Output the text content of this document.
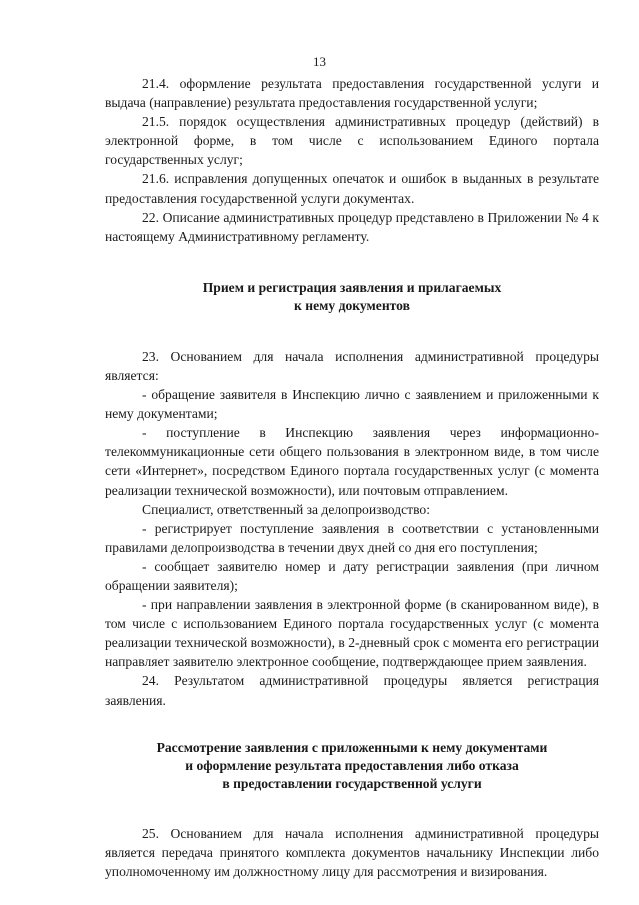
13

21.4. оформление результата предоставления государственной услуги и выдача (направление) результата предоставления государственной услуги;

21.5. порядок осуществления административных процедур (действий) в электронной форме, в том числе с использованием Единого портала государственных услуг;

21.6. исправления допущенных опечаток и ошибок в выданных в результате предоставления государственной услуги документах.

22. Описание административных процедур представлено в Приложении № 4 к настоящему Административному регламенту.

Прием и регистрация заявления и прилагаемых
к нему документов

23. Основанием для начала исполнения административной процедуры является:

- обращение заявителя в Инспекцию лично с заявлением и приложенными к нему документами;

- поступление в Инспекцию заявления через информационно-телекоммуникационные сети общего пользования в электронном виде, в том числе сети «Интернет», посредством Единого портала государственных услуг (с момента реализации технической возможности), или почтовым отправлением.

Специалист, ответственный за делопроизводство:

- регистрирует поступление заявления в соответствии с установленными правилами делопроизводства в течении двух дней со дня его поступления;

- сообщает заявителю номер и дату регистрации заявления (при личном обращении заявителя);

- при направлении заявления в электронной форме (в сканированном виде), в том числе с использованием Единого портала государственных услуг (с момента реализации технической возможности), в 2-дневный срок с момента его регистрации направляет заявителю электронное сообщение, подтверждающее прием заявления.

24. Результатом административной процедуры является регистрация заявления.

Рассмотрение заявления с приложенными к нему документами
и оформление результата предоставления либо отказа
в предоставлении государственной услуги

25. Основанием для начала исполнения административной процедуры является передача принятого комплекта документов начальнику Инспекции либо уполномоченному им должностному лицу для рассмотрения и визирования.
